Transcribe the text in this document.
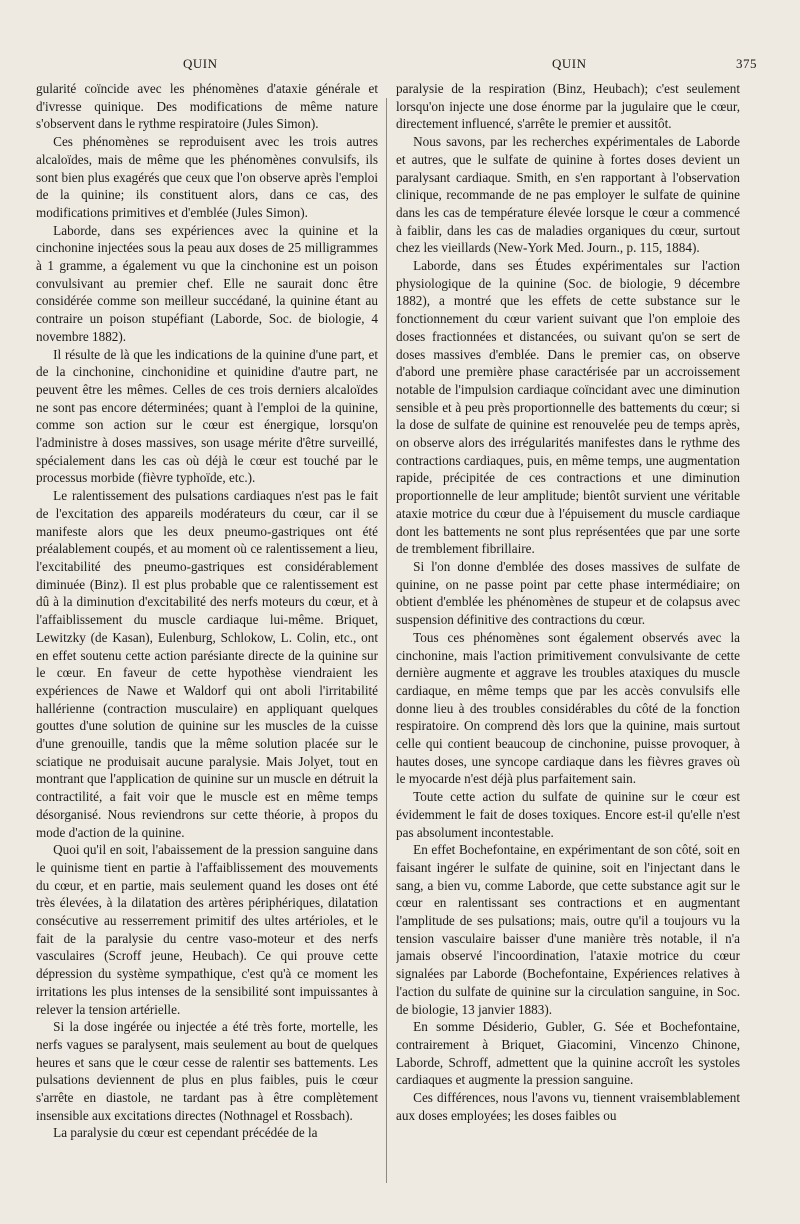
QUIN	QUIN	375

gularité coïncide avec les phénomènes d'ataxie générale et d'ivresse quinique. Des modifications de même nature s'observent dans le rythme respiratoire (Jules Simon).

Ces phénomènes se reproduisent avec les trois autres alcaloïdes, mais de même que les phénomènes convulsifs, ils sont bien plus exagérés que ceux que l'on observe après l'emploi de la quinine; ils constituent alors, dans ce cas, des modifications primitives et d'emblée (Jules Simon).

Laborde, dans ses expériences avec la quinine et la cinchonine injectées sous la peau aux doses de 25 milligrammes à 1 gramme, a également vu que la cinchonine est un poison convulsivant au premier chef. Elle ne saurait donc être considérée comme son meilleur succédané, la quinine étant au contraire un poison stupéfiant (Laborde, Soc. de biologie, 4 novembre 1882).

Il résulte de là que les indications de la quinine d'une part, et de la cinchonine, cinchonidine et quinidine d'autre part, ne peuvent être les mêmes. Celles de ces trois derniers alcaloïdes ne sont pas encore déterminées; quant à l'emploi de la quinine, comme son action sur le cœur est énergique, lorsqu'on l'administre à doses massives, son usage mérite d'être surveillé, spécialement dans les cas où déjà le cœur est touché par le processus morbide (fièvre typhoïde, etc.).

Le ralentissement des pulsations cardiaques n'est pas le fait de l'excitation des appareils modérateurs du cœur, car il se manifeste alors que les deux pneumo-gastriques ont été préalablement coupés, et au moment où ce ralentissement a lieu, l'excitabilité des pneumo-gastriques est considérablement diminuée (Binz). Il est plus probable que ce ralentissement est dû à la diminution d'excitabilité des nerfs moteurs du cœur, et à l'affaiblissement du muscle cardiaque lui-même. Briquet, Lewitzky (de Kasan), Eulenburg, Schlokow, L. Colin, etc., ont en effet soutenu cette action parésiante directe de la quinine sur le cœur. En faveur de cette hypothèse viendraient les expériences de Nawe et Waldorf qui ont aboli l'irritabilité hallérienne (contraction musculaire) en appliquant quelques gouttes d'une solution de quinine sur les muscles de la cuisse d'une grenouille, tandis que la même solution placée sur le sciatique ne produisait aucune paralysie. Mais Jolyet, tout en montrant que l'application de quinine sur un muscle en détruit la contractilité, a fait voir que le muscle est en même temps désorganisé. Nous reviendrons sur cette théorie, à propos du mode d'action de la quinine.

Quoi qu'il en soit, l'abaissement de la pression sanguine dans le quinisme tient en partie à l'affaiblissement des mouvements du cœur, et en partie, mais seulement quand les doses ont été très élevées, à la dilatation des artères périphériques, dilatation consécutive au resserrement primitif des ultes artérioles, et le fait de la paralysie du centre vaso-moteur et des nerfs vasculaires (Scroff jeune, Heubach). Ce qui prouve cette dépression du système sympathique, c'est qu'à ce moment les irritations les plus intenses de la sensibilité sont impuissantes à relever la tension artérielle.

Si la dose ingérée ou injectée a été très forte, mortelle, les nerfs vagues se paralysent, mais seulement au bout de quelques heures et sans que le cœur cesse de ralentir ses battements. Les pulsations deviennent de plus en plus faibles, puis le cœur s'arrête en diastole, ne tardant pas à être complètement insensible aux excitations directes (Nothnagel et Rossbach).

La paralysie du cœur est cependant précédée de la

paralysie de la respiration (Binz, Heubach); c'est seulement lorsqu'on injecte une dose énorme par la jugulaire que le cœur, directement influencé, s'arrête le premier et aussitôt.

Nous savons, par les recherches expérimentales de Laborde et autres, que le sulfate de quinine à fortes doses devient un paralysant cardiaque. Smith, en s'en rapportant à l'observation clinique, recommande de ne pas employer le sulfate de quinine dans les cas de température élevée lorsque le cœur a commencé à faiblir, dans les cas de maladies organiques du cœur, surtout chez les vieillards (New-York Med. Journ., p. 115, 1884).

Laborde, dans ses Études expérimentales sur l'action physiologique de la quinine (Soc. de biologie, 9 décembre 1882), a montré que les effets de cette substance sur le fonctionnement du cœur varient suivant que l'on emploie des doses fractionnées et distancées, ou suivant qu'on se sert de doses massives d'emblée. Dans le premier cas, on observe d'abord une première phase caractérisée par un accroissement notable de l'impulsion cardiaque coïncidant avec une diminution sensible et à peu près proportionnelle des battements du cœur; si la dose de sulfate de quinine est renouvelée peu de temps après, on observe alors des irrégularités manifestes dans le rythme des contractions cardiaques, puis, en même temps, une augmentation rapide, précipitée de ces contractions et une diminution proportionnelle de leur amplitude; bientôt survient une véritable ataxie motrice du cœur due à l'épuisement du muscle cardiaque dont les battements ne sont plus représentées que par une sorte de tremblement fibrillaire.

Si l'on donne d'emblée des doses massives de sulfate de quinine, on ne passe point par cette phase intermédiaire; on obtient d'emblée les phénomènes de stupeur et de colapsus avec suspension définitive des contractions du cœur.

Tous ces phénomènes sont également observés avec la cinchonine, mais l'action primitivement convulsivante de cette dernière augmente et aggrave les troubles ataxiques du muscle cardiaque, en même temps que par les accès convulsifs elle donne lieu à des troubles considérables du côté de la fonction respiratoire. On comprend dès lors que la quinine, mais surtout celle qui contient beaucoup de cinchonine, puisse provoquer, à hautes doses, une syncope cardiaque dans les fièvres graves où le myocarde n'est déjà plus parfaitement sain.

Toute cette action du sulfate de quinine sur le cœur est évidemment le fait de doses toxiques. Encore est-il qu'elle n'est pas absolument incontestable.

En effet Bochefontaine, en expérimentant de son côté, soit en faisant ingérer le sulfate de quinine, soit en l'injectant dans le sang, a bien vu, comme Laborde, que cette substance agit sur le cœur en ralentissant ses contractions et en augmentant l'amplitude de ses pulsations; mais, outre qu'il a toujours vu la tension vasculaire baisser d'une manière très notable, il n'a jamais observé l'incoordination, l'ataxie motrice du cœur signalées par Laborde (Bochefontaine, Expériences relatives à l'action du sulfate de quinine sur la circulation sanguine, in Soc. de biologie, 13 janvier 1883).

En somme Désiderio, Gubler, G. Sée et Bochefontaine, contrairement à Briquet, Giacomini, Vincenzo Chinone, Laborde, Schroff, admettent que la quinine accroît les systoles cardiaques et augmente la pression sanguine.

Ces différences, nous l'avons vu, tiennent vraisemblablement aux doses employées; les doses faibles ou
